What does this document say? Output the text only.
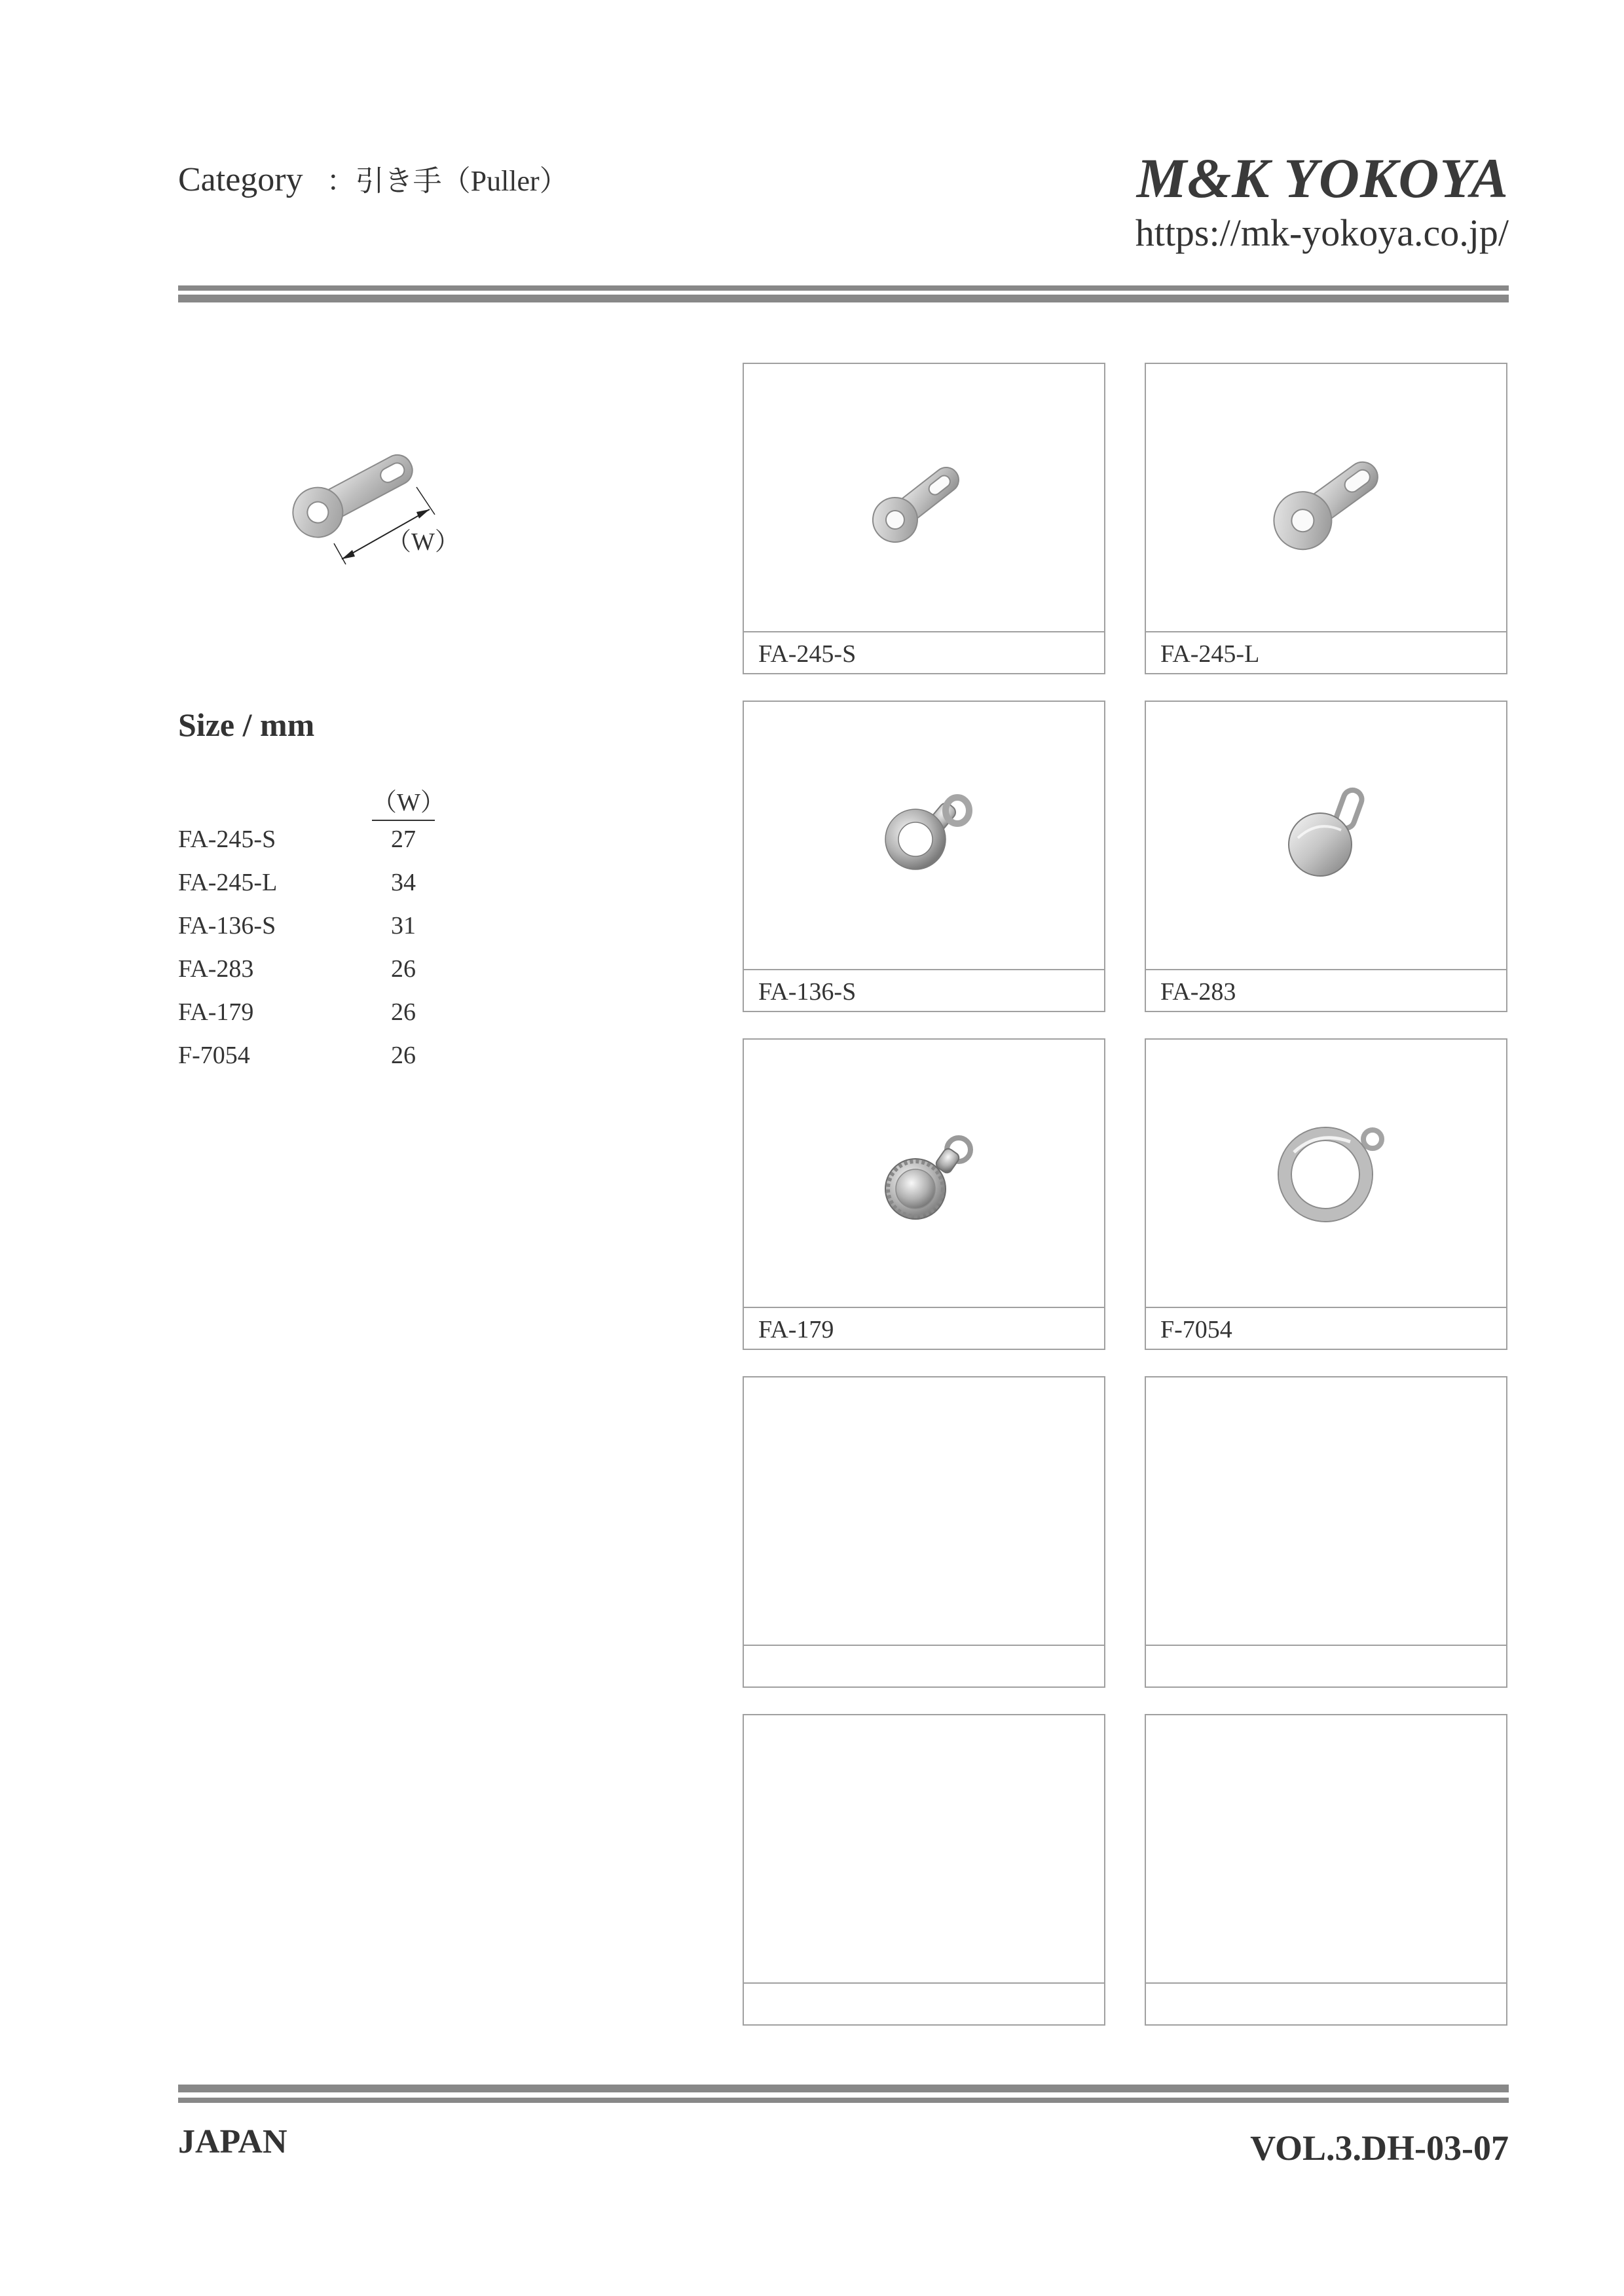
Category ：引き手（Puller）	M&K YOKOYA
https://mk-yokoya.co.jp/
（W）
Size / mm
（W）
FA-245-S	27
FA-245-L	34
FA-136-S	31
FA-283	26
FA-179	26
F-7054	26
FA-245-S	FA-245-L
FA-136-S	FA-283
FA-179	F-7054
JAPAN	VOL.3.DH-03-07
